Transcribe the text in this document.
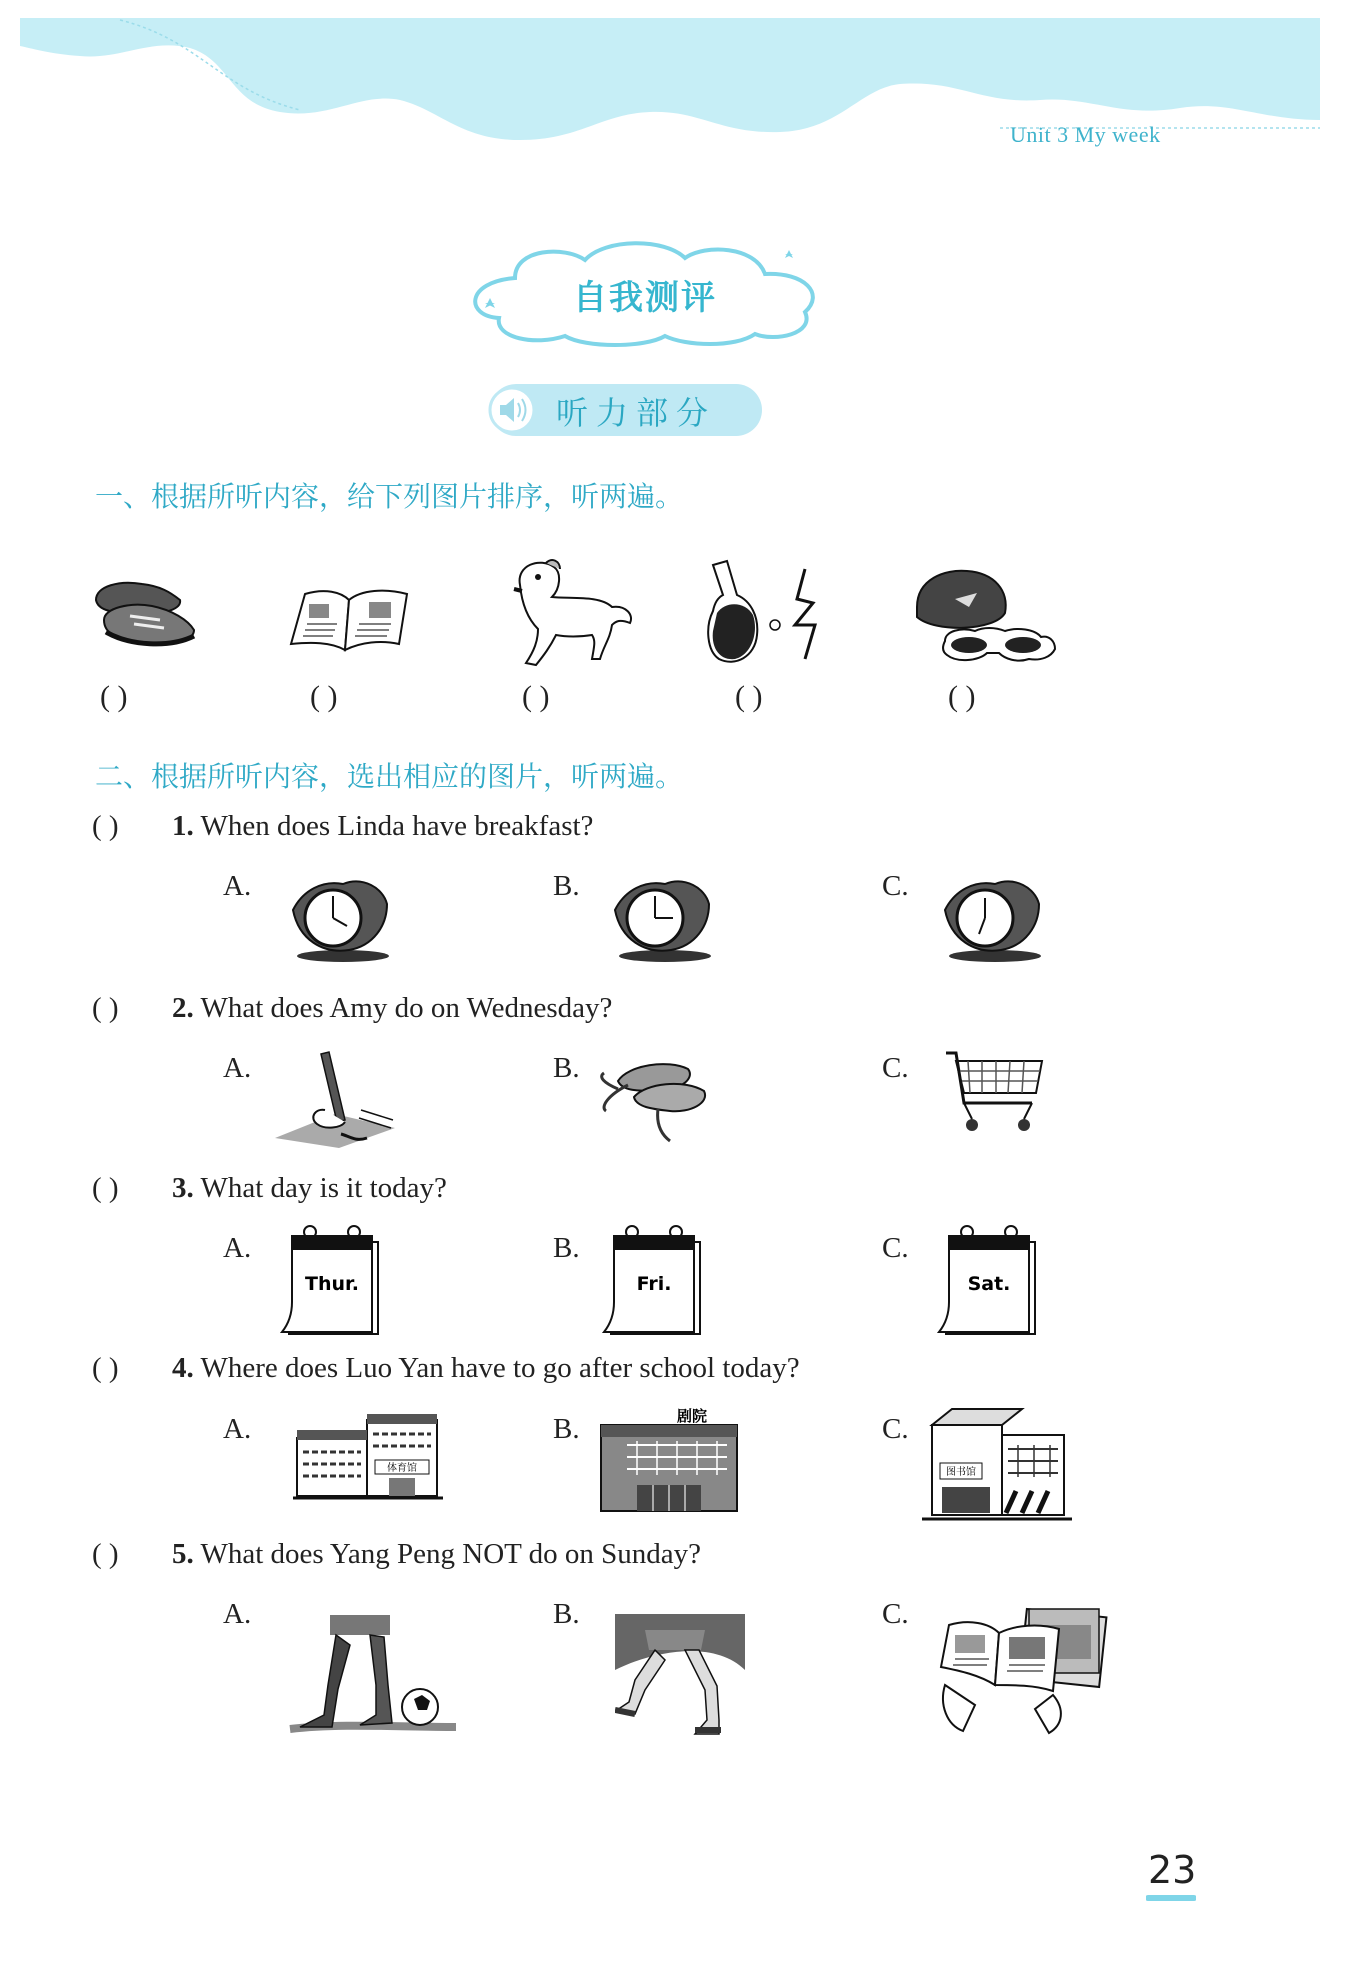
Unit 3 My week
自我测评
听力部分
一、根据所听内容，给下列图片排序，听两遍。
( )	( )	( )	( )	( )
二、根据所听内容，选出相应的图片，听两遍。
( ) 1. When does Linda have breakfast?
A.	B.	C.
( ) 2. What does Amy do on Wednesday?
A.	B.	C.
( ) 3. What day is it today?
A.	B.	C.
Thur.	Fri.	Sat.
( ) 4. Where does Luo Yan have to go after school today?
A.	B.	C.
体育馆
剧院
图书馆
( ) 5. What does Yang Peng NOT do on Sunday?
A.	B.	C.
23
